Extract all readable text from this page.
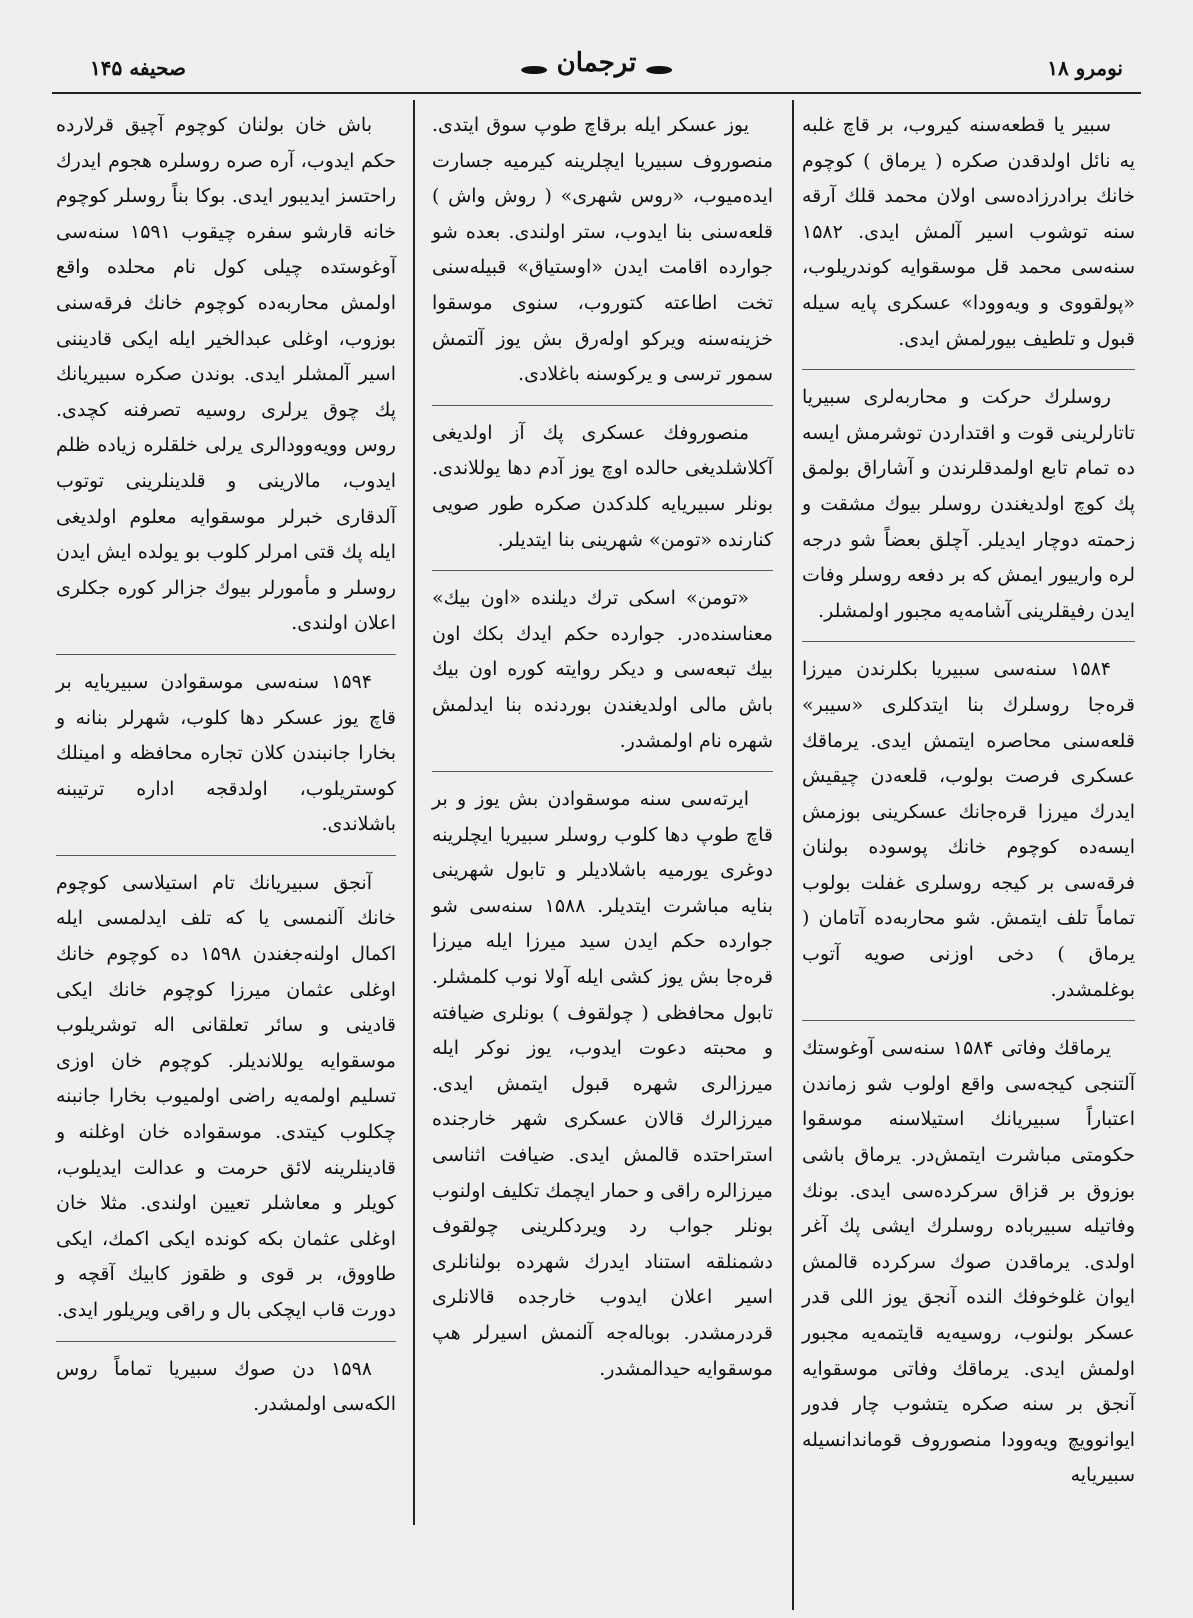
صحیفه ۱۴۵	ترجمان	نومرو ۱۸

سبیر یا قطعه‌سنه کیروب، بر قاچ غلبه یه نائل اولدقدن صکره ( یرماق ) کوچوم خانك برادرزاده‌سی اولان محمد قلك آرقه سنه توشوب اسیر آلمش ایدی. ۱۵۸۲ سنه‌سی محمد قل موسقوایه کوندریلوب، «پولقووی و ویه‌وودا» عسکری پایه سیله قبول و تلطیف بیورلمش ایدی.

روسلرك حرکت و محاربه‌لری سبیریا تاتارلرینی قوت و اقتداردن توشرمش ایسه ده تمام تابع اولمدقلرندن و آشاراق بولمق پك کوچ اولدیغندن روسلر بیوك مشقت و زحمته دوچار ایدیلر. آچلق بعضاً شو درجه لره وارییور ایمش که بر دفعه روسلر وفات ایدن رفیقلرینی آشامه‌یه مجبور اولمشلر.

۱۵۸۴ سنه‌سی سبیریا بکلرندن میرزا قره‌جا روسلرك بنا ایتدکلری «سیبر» قلعه‌سنی محاصره ایتمش ایدی. یرماقك عسکری فرصت بولوب، قلعه‌دن چیقیش ایدرك میرزا قره‌جانك عسکرینی بوزمش ایسه‌ده کوچوم خانك پوسوده بولنان فرقه‌سی بر کیجه روسلری غفلت بولوب تماماً تلف ایتمش. شو محاربه‌ده آتامان ( یرماق ) دخی اوزنی صویه آتوب بوغلمشدر.

یرماقك وفاتی ۱۵۸۴ سنه‌سی آوغوستك آلتنجی کیجه‌سی واقع اولوب شو زماندن اعتباراً سبیریانك استیلاسنه موسقوا حکومتی مباشرت ایتمش‌در. یرماق باشی بوزوق بر قزاق سرکرده‌سی ایدی. بونك وفاتیله سبیرباده روسلرك ایشی پك آغر اولدی. یرماقدن صوك سرکرده قالمش ایوان غلوخوفك النده آنجق یوز اللی قدر عسکر بولنوب، روسیه‌یه قایتمه‌یه مجبور اولمش ایدی. یرماقك وفاتی موسقوایه آنجق بر سنه صکره یتشوب چار فدور ایوانوویچ ویه‌وودا منصوروف قوماندانسیله سبیریایه

یوز عسکر ایله برقاچ طوپ سوق ایتدی. منصوروف سبیریا ایچلرینه کیرمیه جسارت ایده‌میوب، «روس شهری» ( روش واش ) قلعه‌سنی بنا ایدوب، ستر اولندی. بعده شو جوارده اقامت ایدن «اوستیاق» قبیله‌سنی تخت اطاعته کتوروب، سنوی موسقوا خزینه‌سنه ویرکو اوله‌رق بش یوز آلتمش سمور ترسی و یرکوسنه باغلادی.

منصوروفك عسکری پك آز اولدیغی آکلاشلدیغی حالده اوچ یوز آدم دها یوللاندی. بونلر سبیریایه کلدکدن صکره طور صویی کنارنده «تومن» شهرینی بنا ایتدیلر.

«تومن» اسکی ترك دیلنده «اون بیك» معناسنده‌در. جوارده حکم ایدك بکك اون بیك تبعه‌سی و دیکر روایته کوره اون بیك باش مالی اولدیغندن بوردنده بنا ایدلمش شهره نام اولمشدر.

ایرته‌سی سنه موسقوادن بش یوز و بر قاچ طوپ دها کلوب روسلر سبیریا ایچلرینه دوغری یورمیه باشلادیلر و تابول شهرینی بنایه مباشرت ایتدیلر. ۱۵۸۸ سنه‌سی شو جوارده حکم ایدن سید میرزا ایله میرزا قره‌جا بش یوز کشی ایله آولا نوب کلمشلر. تابول محافظی ( چولقوف ) بونلری ضیافته و محبته دعوت ایدوب، یوز نوکر ایله میرزالری شهره قبول ایتمش ایدی. میرزالرك قالان عسکری شهر خارجنده استراحتده قالمش ایدی. ضیافت اثناسی میرزالره راقی و حمار ایچمك تکلیف اولنوب بونلر جواب رد ویردکلرینی چولقوف دشمنلقه استناد ایدرك شهرده بولنانلری اسیر اعلان ایدوب خارجده قالانلری قردرمشدر. بوباله‌جه آلنمش اسیرلر هپ موسقوایه حیدالمشدر.

باش خان بولنان کوچوم آچیق قرلارده حکم ایدوب، آره صره روسلره هجوم ایدرك راحتسز ایدیبور ایدی. بوکا بناً روسلر کوچوم خانه قارشو سفره چیقوب ۱۵۹۱ سنه‌سی آوغوستده چیلی کول نام محلده واقع اولمش محاربه‌ده کوچوم خانك فرقه‌سنی بوزوب، اوغلی عبدالخیر ایله ایکی قادیننی اسیر آلمشلر ایدی. بوندن صکره سبیریانك پك چوق یرلری روسیه تصرفنه کچدی. روس وویه‌وودالری یرلی خلقلره زیاده ظلم ایدوب، مالارینی و قلدینلرینی توتوب آلدقاری خبرلر موسقوایه معلوم اولدیغی ایله پك قتی امرلر کلوب بو یولده ایش ایدن روسلر و مأمورلر بیوك جزالر کوره جکلری اعلان اولندی.

۱۵۹۴ سنه‌سی موسقوادن سبیریایه بر قاچ یوز عسکر دها کلوب، شهرلر بنانه و بخارا جانبندن کلان تجاره محافظه و امینلك کوستریلوب، اولدقجه اداره ترتیبنه باشلاندی.

آنجق سبیریانك تام استیلاسی کوچوم خانك آلنمسی یا که تلف ایدلمسی ایله اکمال اولنه‌جغندن ۱۵۹۸ ده کوچوم خانك اوغلی عثمان میرزا کوچوم خانك ایکی قادینی و سائر تعلقانی اله توشریلوب موسقوایه یوللاندیلر. کوچوم خان اوزی تسلیم اولمه‌یه راضی اولمیوب بخارا جانبنه چکلوب کیتدی. موسقواده خان اوغلنه و قادینلرینه لائق حرمت و عدالت ایدیلوب، کویلر و معاشلر تعیین اولندی. مثلا خان اوغلی عثمان بکه کونده ایکی اکمك، ایکی طاووق، بر قوی و ظقوز کابیك آقچه و دورت قاب ایچکی بال و راقی ویریلور ایدی.

۱۵۹۸ دن صوك سبیریا تماماً روس الکه‌سی اولمشدر.
